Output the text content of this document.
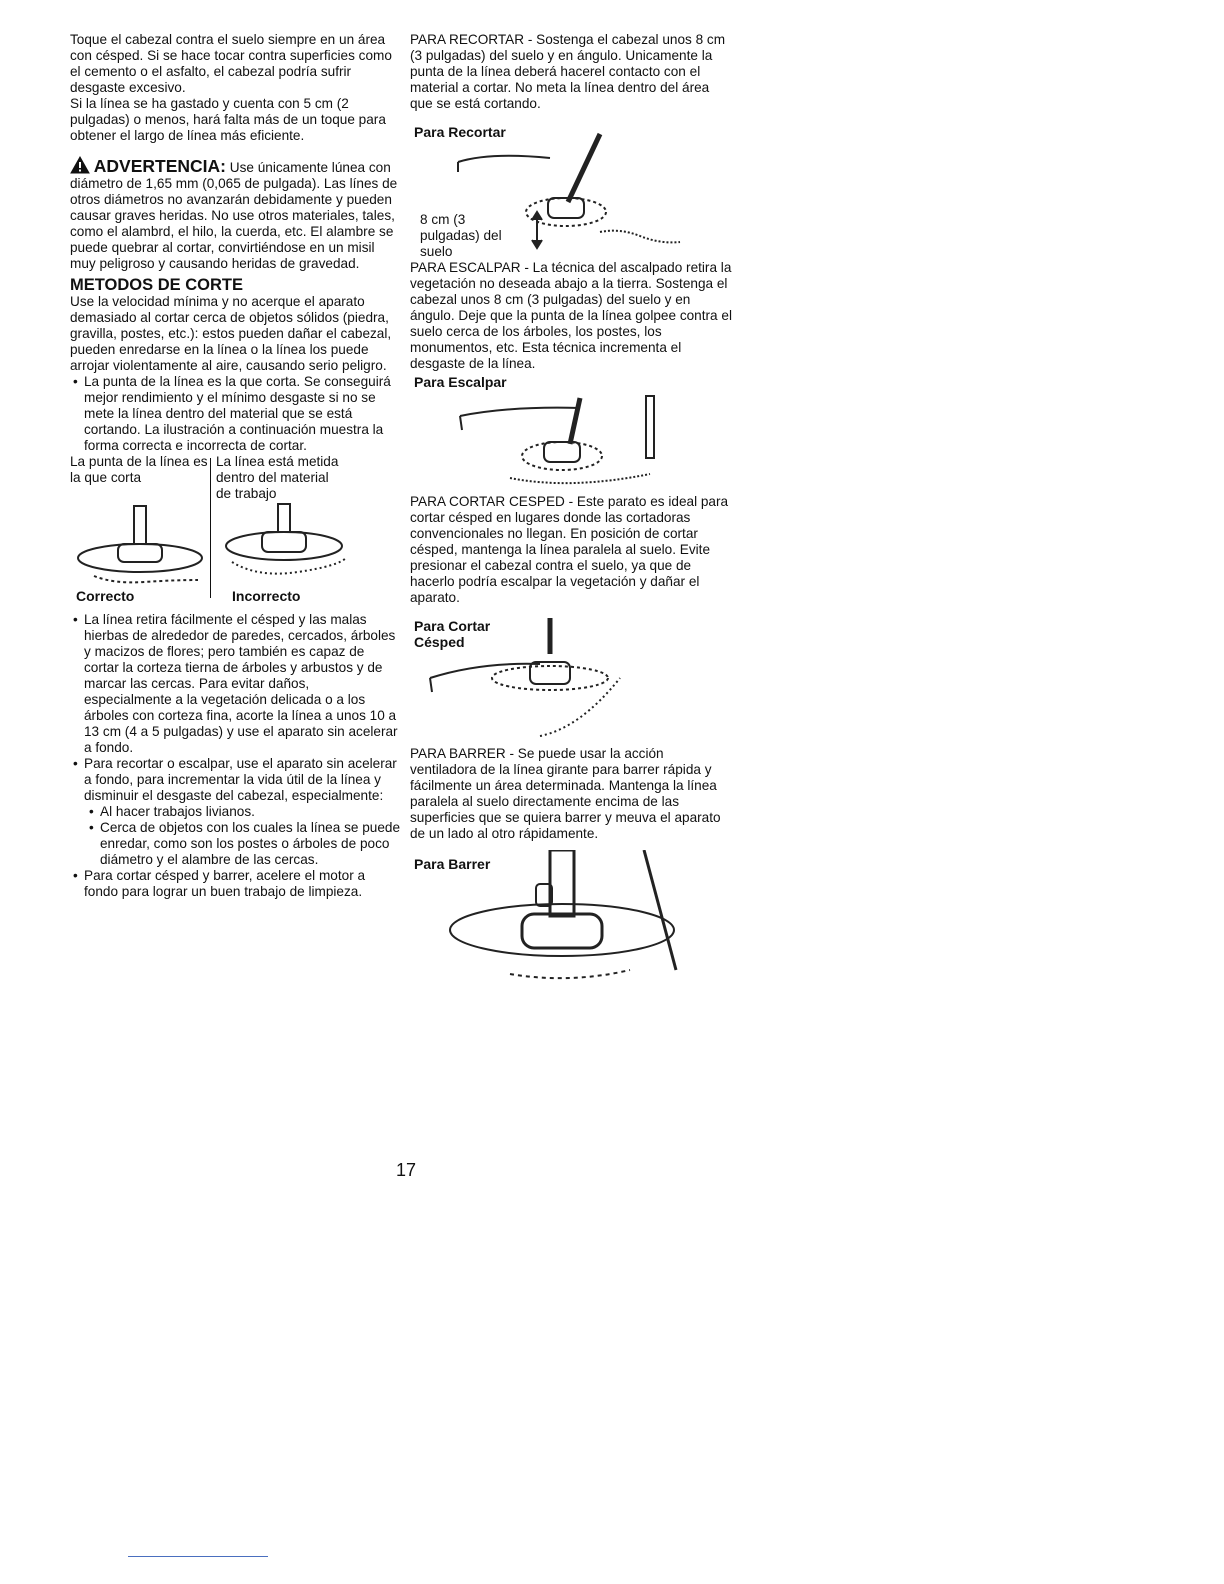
Toque el cabezal contra el suelo siempre en un área con césped. Si se hace tocar contra superficies como el cemento o el asfalto, el cabezal podría sufrir desgaste excesivo.

Si la línea se ha gastado y cuenta con 5 cm (2 pulgadas) o menos, hará falta más de un toque para obtener el largo de línea más eficiente.

ADVERTENCIA: Use únicamente lúnea con diámetro de 1,65 mm (0,065 de pulgada). Las línes de otros diámetros no avanzarán debidamente y pueden causar graves heridas. No use otros materiales, tales, como el alambrd, el hilo, la cuerda, etc. El alambre se puede quebrar al cortar, convirtiéndose en un misil muy peligroso y causando heridas de gravedad.

METODOS DE CORTE

Use la velocidad mínima y no acerque el aparato demasiado al cortar cerca de objetos sólidos (piedra, gravilla, postes, etc.): estos pueden dañar el cabezal, pueden enredarse en la línea o la línea los puede arrojar violentamente al aire, causando serio peligro.

• La punta de la línea es la que corta. Se conseguirá mejor rendimiento y el mínimo desgaste si no se mete la línea dentro del material que se está cortando. La ilustración a continuación muestra la forma correcta e incorrecta de cortar.
La punta de la línea es la que corta
La línea está metida dentro del material de trabajo
Correcto	Incorrecto
• La línea retira fácilmente el césped y las malas hierbas de alrededor de paredes, cercados, árboles y macizos de flores; pero también es capaz de cortar la corteza tierna de árboles y arbustos y de marcar las cercas. Para evitar daños, especialmente a la vegetación delicada o a los árboles con corteza fina, acorte la línea a unos 10 a 13 cm (4 a 5 pulgadas) y use el aparato sin acelerar a fondo.
• Para recortar o escalpar, use el aparato sin acelerar a fondo, para incrementar la vida útil de la línea y disminuir el desgaste del cabezal, especialmente:
• Al hacer trabajos livianos.
• Cerca de objetos con los cuales la línea se puede enredar, como son los postes o árboles de poco diámetro y el alambre de las cercas.
• Para cortar césped y barrer, acelere el motor a fondo para lograr un buen trabajo de limpieza.

PARA RECORTAR - Sostenga el cabezal unos 8 cm (3 pulgadas) del suelo y en ángulo. Unicamente la punta de la línea deberá hacerel contacto con el material a cortar. No meta la línea dentro del área que se está cortando.

Para Recortar
8 cm (3 pulgadas) del suelo

PARA ESCALPAR - La técnica del ascalpado retira la vegetación no deseada abajo a la tierra. Sostenga el cabezal unos 8 cm (3 pulgadas) del suelo y en ángulo. Deje que la punta de la línea golpee contra el suelo cerca de los árboles, los postes, los monumentos, etc. Esta técnica incrementa el desgaste de la línea.

Para Escalpar

PARA CORTAR CESPED - Este parato es ideal para cortar césped en lugares donde las cortadoras convencionales no llegan. En posición de cortar césped, mantenga la línea paralela al suelo. Evite presionar el cabezal contra el suelo, ya que de hacerlo podría escalpar la vegetación y dañar el aparato.

Para Cortar Césped

PARA BARRER - Se puede usar la acción ventiladora de la línea girante para barrer rápida y fácilmente un área determinada. Mantenga la línea paralela al suelo directamente encima de las superficies que se quiera barrer y meuva el aparato de un lado al otro rápidamente.

Para Barrer
17
